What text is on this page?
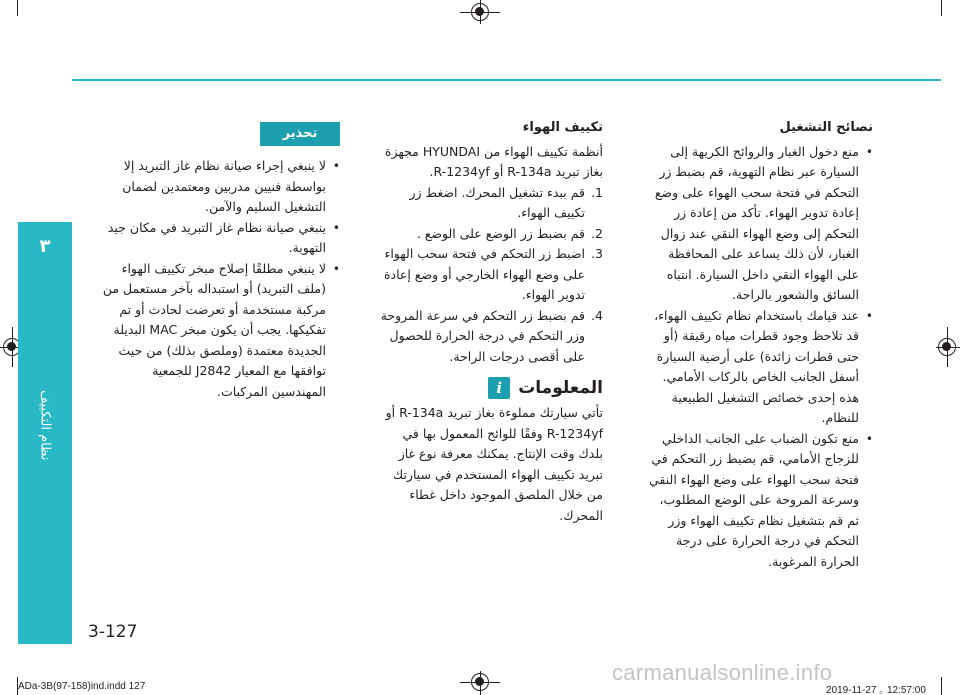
٣
نظام التكييف
نصائح التشغيل
• منع دخول الغبار والروائح الكريهة إلى السيارة عبر نظام التهوية، قم بضبط زر التحكم في فتحة سحب الهواء على وضع إعادة تدوير الهواء. تأكد من إعادة زر التحكم إلى وضع الهواء النقي عند زوال الغبار، لأن ذلك يساعد على المحافظة على الهواء النقي داخل السيارة. انتباه السائق والشعور بالراحة.
• عند قيامك باستخدام نظام تكييف الهواء، قد تلاحظ وجود قطرات مياه رقيقة (أو حتى قطرات زائدة) على أرضية السيارة أسفل الجانب الخاص بالركاب الأمامي. هذه إحدى خصائص التشغيل الطبيعية للنظام.
• منع تكون الضباب على الجانب الداخلي للزجاج الأمامي، قم بضبط زر التحكم في فتحة سحب الهواء على وضع الهواء النقي وسرعة المروحة على الوضع المطلوب، ثم قم بتشغيل نظام تكييف الهواء وزر التحكم في درجة الحرارة على درجة الحرارة المرغوبة.
تكييف الهواء

أنظمة تكييف الهواء من HYUNDAI مجهزة بغاز تبريد R-134a أو R-1234yf.

1.
قم ببدء تشغيل المحرك. اضغط زر تكييف الهواء.
2.
قم بضبط زر الوضع على الوضع .
3.
اضبط زر التحكم في فتحة سحب الهواء على وضع الهواء الخارجي أو وضع إعادة تدوير الهواء.
4.
قم بضبط زر التحكم في سرعة المروحة وزر التحكم في درجة الحرارة للحصول على أقصى درجات الراحة.
المعلومات
i

تأتي سيارتك مملوءة بغاز تبريد R-134a أو R-1234yf وفقًا للوائح المعمول بها في بلدك وقت الإنتاج. يمكنك معرفة نوع غاز تبريد تكييف الهواء المستخدم في سيارتك من خلال الملصق الموجود داخل غطاء المحرك.

تحذير
• لا ينبغي إجراء صيانة نظام غاز التبريد إلا بواسطة فنيين مدربين ومعتمدين لضمان التشغيل السليم والآمن.
• ينبغي صيانة نظام غاز التبريد في مكان جيد التهوية.
• لا ينبغي مطلقًا إصلاح مبخر تكييف الهواء (ملف التبريد) أو استبداله بآخر مستعمل من مركبة مستخدمة أو تعرضت لحادث أو تم تفكيكها. يجب أن يكون مبخر MAC البديلة الجديدة معتمدة (وملصق بذلك) من حيث توافقها مع المعيار J2842 للجمعية المهندسين المركبات.
3-127
carmanualsonline.info
ADa-3B(97-158)ind.indd 127	2019-11-27 ｡ 12:57:00
